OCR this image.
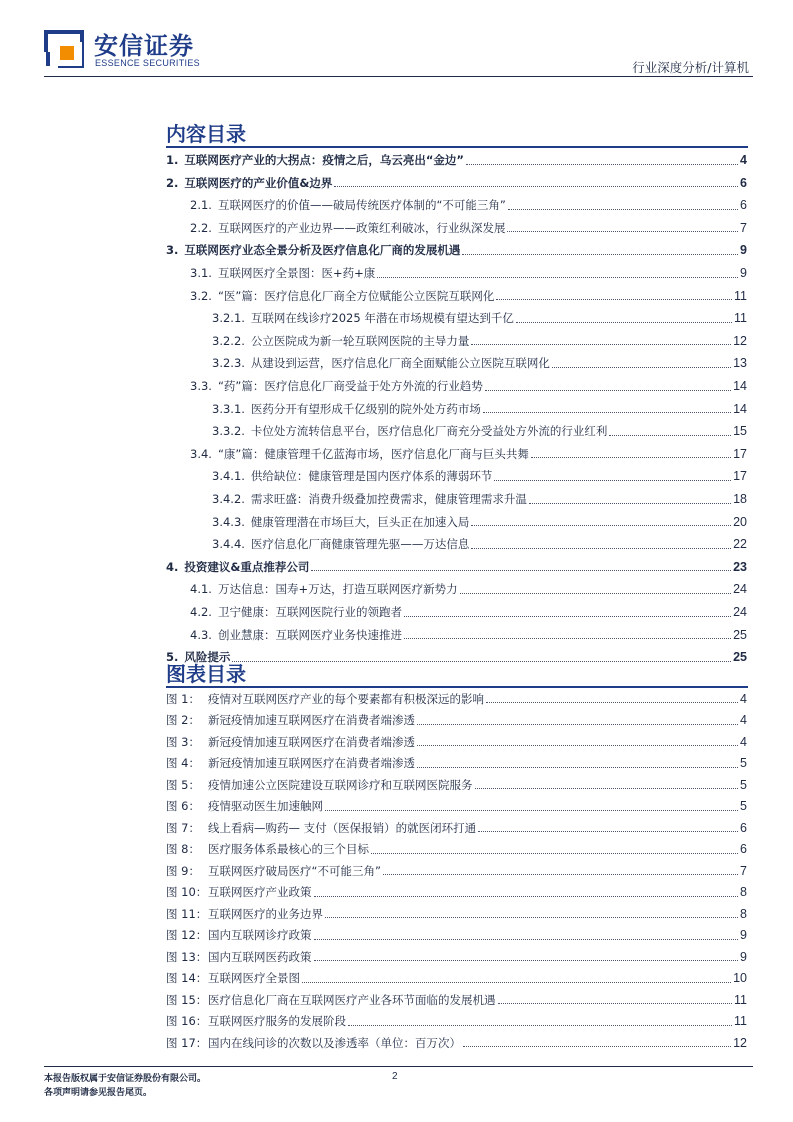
安信证券
ESSENCE SECURITIES	行业深度分析/计算机
内容目录
1. 互联网医疗产业的大拐点：疫情之后，乌云亮出“金边”	4
2. 互联网医疗的产业价值&边界	6
2.1. 互联网医疗的价值——破局传统医疗体制的“不可能三角”	6
2.2. 互联网医疗的产业边界——政策红利破冰，行业纵深发展	7
3. 互联网医疗业态全景分析及医疗信息化厂商的发展机遇	9
3.1. 互联网医疗全景图：医+药+康	9
3.2. “医”篇：医疗信息化厂商全方位赋能公立医院互联网化	11
3.2.1. 互联网在线诊疗2025 年潜在市场规模有望达到千亿	11
3.2.2. 公立医院成为新一轮互联网医院的主导力量	12
3.2.3. 从建设到运营，医疗信息化厂商全面赋能公立医院互联网化	13
3.3. “药”篇：医疗信息化厂商受益于处方外流的行业趋势	14
3.3.1. 医药分开有望形成千亿级别的院外处方药市场	14
3.3.2. 卡位处方流转信息平台，医疗信息化厂商充分受益处方外流的行业红利	15
3.4. “康”篇：健康管理千亿蓝海市场，医疗信息化厂商与巨头共舞	17
3.4.1. 供给缺位：健康管理是国内医疗体系的薄弱环节	17
3.4.2. 需求旺盛：消费升级叠加控费需求，健康管理需求升温	18
3.4.3. 健康管理潜在市场巨大，巨头正在加速入局	20
3.4.4. 医疗信息化厂商健康管理先驱——万达信息	22
4. 投资建议&重点推荐公司	23
4.1. 万达信息：国寿+万达，打造互联网医疗新势力	24
4.2. 卫宁健康：互联网医院行业的领跑者	24
4.3. 创业慧康：互联网医疗业务快速推进	25
5. 风险提示	25
图表目录
图 1： 疫情对互联网医疗产业的每个要素都有积极深远的影响	4
图 2： 新冠疫情加速互联网医疗在消费者端渗透	4
图 3： 新冠疫情加速互联网医疗在消费者端渗透	4
图 4： 新冠疫情加速互联网医疗在消费者端渗透	5
图 5： 疫情加速公立医院建设互联网诊疗和互联网医院服务	5
图 6： 疫情驱动医生加速触网	5
图 7： 线上看病—购药— 支付（医保报销）的就医闭环打通	6
图 8： 医疗服务体系最核心的三个目标	6
图 9： 互联网医疗破局医疗“不可能三角”	7
图 10： 互联网医疗产业政策	8
图 11： 互联网医疗的业务边界	8
图 12： 国内互联网诊疗政策	9
图 13： 国内互联网医药政策	9
图 14： 互联网医疗全景图	10
图 15： 医疗信息化厂商在互联网医疗产业各环节面临的发展机遇	11
图 16： 互联网医疗服务的发展阶段	11
图 17： 国内在线问诊的次数以及渗透率（单位：百万次）	12
本报告版权属于安信证券股份有限公司。
各项声明请参见报告尾页。
2
